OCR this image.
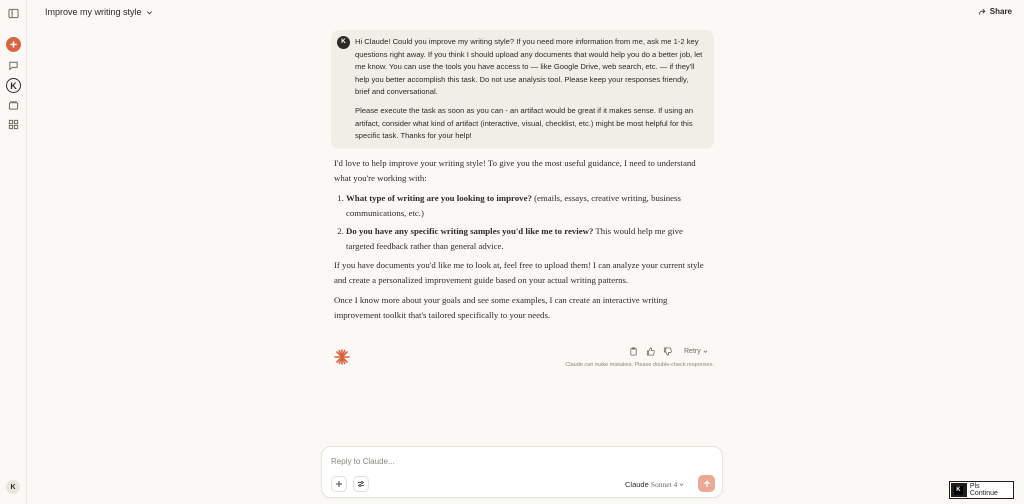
K
K
Improve my writing style	Share
K	Hi Claude! Could you improve my writing style? If you need more information from me, ask me 1-2 key questions right away. If you think I should upload any documents that would help you do a better job, let me know. You can use the tools you have access to — like Google Drive, web search, etc. — if they'll help you better accomplish this task. Do not use analysis tool. Please keep your responses friendly, brief and conversational.

Please execute the task as soon as you can - an artifact would be great if it makes sense. If using an artifact, consider what kind of artifact (interactive, visual, checklist, etc.) might be most helpful for this specific task. Thanks for your help!

I'd love to help improve your writing style! To give you the most useful guidance, I need to understand what you're working with:

1. What type of writing are you looking to improve? (emails, essays, creative writing, business communications, etc.)
2. Do you have any specific writing samples you'd like me to review? This would help me give targeted feedback rather than general advice.

If you have documents you'd like me to look at, feel free to upload them! I can analyze your current style and create a personalized improvement guide based on your actual writing patterns.

Once I know more about your goals and see some examples, I can create an interactive writing improvement toolkit that's tailored specifically to your needs.

Retry
Claude can make mistakes. Please double-check responses.
Reply to Claude...
Claude Sonnet 4
K	Pls Continue
